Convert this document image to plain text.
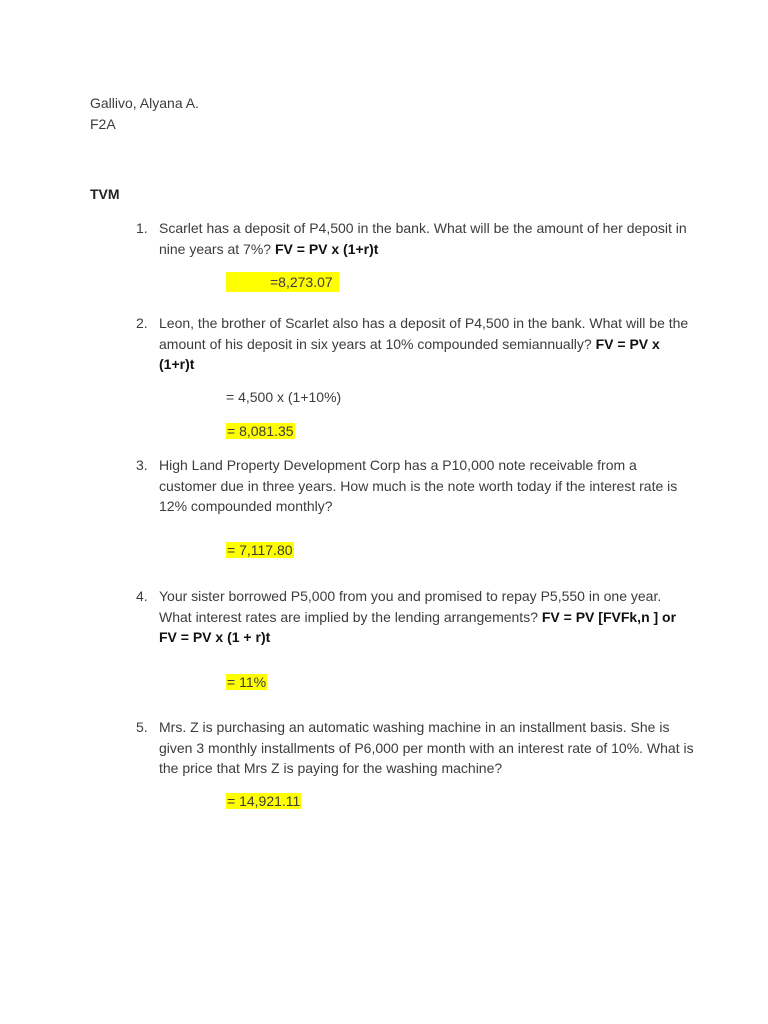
Gallivo, Alyana A.
F2A
TVM
1. Scarlet has a deposit of P4,500 in the bank. What will be the amount of her deposit in nine years at 7%? FV = PV x (1+r)t
=8,273.07
2. Leon, the brother of Scarlet also has a deposit of P4,500 in the bank. What will be the amount of his deposit in six years at 10% compounded semiannually? FV = PV x (1+r)t
= 4,500 x (1+10%)
= 8,081.35
3. High Land Property Development Corp has a P10,000 note receivable from a customer due in three years. How much is the note worth today if the interest rate is 12% compounded monthly?
= 7,117.80
4. Your sister borrowed P5,000 from you and promised to repay P5,550 in one year. What interest rates are implied by the lending arrangements? FV = PV [FVFk,n ] or FV = PV x (1 + r)t
= 11%
5. Mrs. Z is purchasing an automatic washing machine in an installment basis. She is given 3 monthly installments of P6,000 per month with an interest rate of 10%. What is the price that Mrs Z is paying for the washing machine?
= 14,921.11
